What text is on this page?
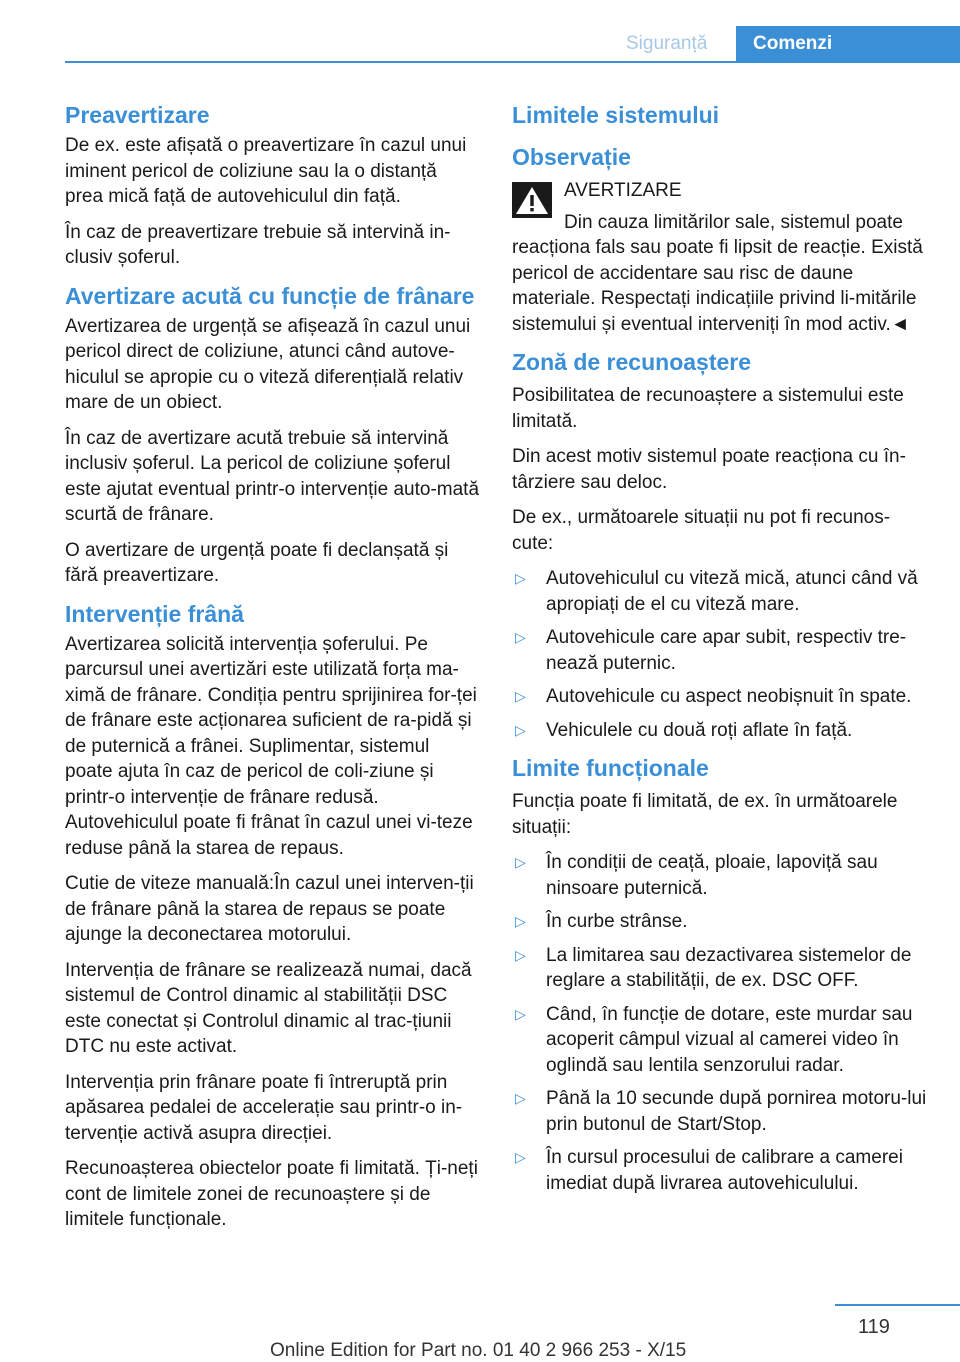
Siguranță	Comenzi
Preavertizare

De ex. este afișată o preavertizare în cazul unui iminent pericol de coliziune sau la o distanță prea mică față de autovehiculul din față.

În caz de preavertizare trebuie să intervină in-clusiv șoferul.

Avertizare acută cu funcție de frânare

Avertizarea de urgență se afișează în cazul unui pericol direct de coliziune, atunci când autove-hiculul se apropie cu o viteză diferențială relativ mare de un obiect.

În caz de avertizare acută trebuie să intervină inclusiv șoferul. La pericol de coliziune șoferul este ajutat eventual printr-o intervenție auto-mată scurtă de frânare.

O avertizare de urgență poate fi declanșată și fără preavertizare.

Intervenție frână

Avertizarea solicită intervenția șoferului. Pe parcursul unei avertizări este utilizată forța ma-ximă de frânare. Condiția pentru sprijinirea for-ței de frânare este acționarea suficient de ra-pidă și de puternică a frânei. Suplimentar, sistemul poate ajuta în caz de pericol de coli-ziune și printr-o intervenție de frânare redusă. Autovehiculul poate fi frânat în cazul unei vi-teze reduse până la starea de repaus.

Cutie de viteze manuală:În cazul unei interven-ții de frânare până la starea de repaus se poate ajunge la deconectarea motorului.

Intervenția de frânare se realizează numai, dacă sistemul de Control dinamic al stabilității DSC este conectat și Controlul dinamic al trac-țiunii DTC nu este activat.

Intervenția prin frânare poate fi întreruptă prin apăsarea pedalei de accelerație sau printr-o in-tervenție activă asupra direcției.

Recunoașterea obiectelor poate fi limitată. Ți-neți cont de limitele zonei de recunoaștere și de limitele funcționale.

Limitele sistemului
Observație

AVERTIZARE

Din cauza limitărilor sale, sistemul poate reacționa fals sau poate fi lipsit de reacție. Există pericol de accidentare sau risc de daune materiale. Respectați indicațiile privind li-mitările sistemului și eventual interveniți în mod activ.◄

Zonă de recunoaștere

Posibilitatea de recunoaștere a sistemului este limitată.

Din acest motiv sistemul poate reacționa cu în-târziere sau deloc.

De ex., următoarele situații nu pot fi recunos-cute:

▷ Autovehiculul cu viteză mică, atunci când vă apropiați de el cu viteză mare.
▷ Autovehicule care apar subit, respectiv tre-nează puternic.
▷ Autovehicule cu aspect neobișnuit în spate.
▷ Vehiculele cu două roți aflate în față.
Limite funcționale

Funcția poate fi limitată, de ex. în următoarele situații:

▷ În condiții de ceață, ploaie, lapoviță sau ninsoare puternică.
▷ În curbe strânse.
▷ La limitarea sau dezactivarea sistemelor de reglare a stabilității, de ex. DSC OFF.
▷ Când, în funcție de dotare, este murdar sau acoperit câmpul vizual al camerei video în oglindă sau lentila senzorului radar.
▷ Până la 10 secunde după pornirea motoru-lui prin butonul de Start/Stop.
▷ În cursul procesului de calibrare a camerei imediat după livrarea autovehiculului.
119
Online Edition for Part no. 01 40 2 966 253 - X/15
